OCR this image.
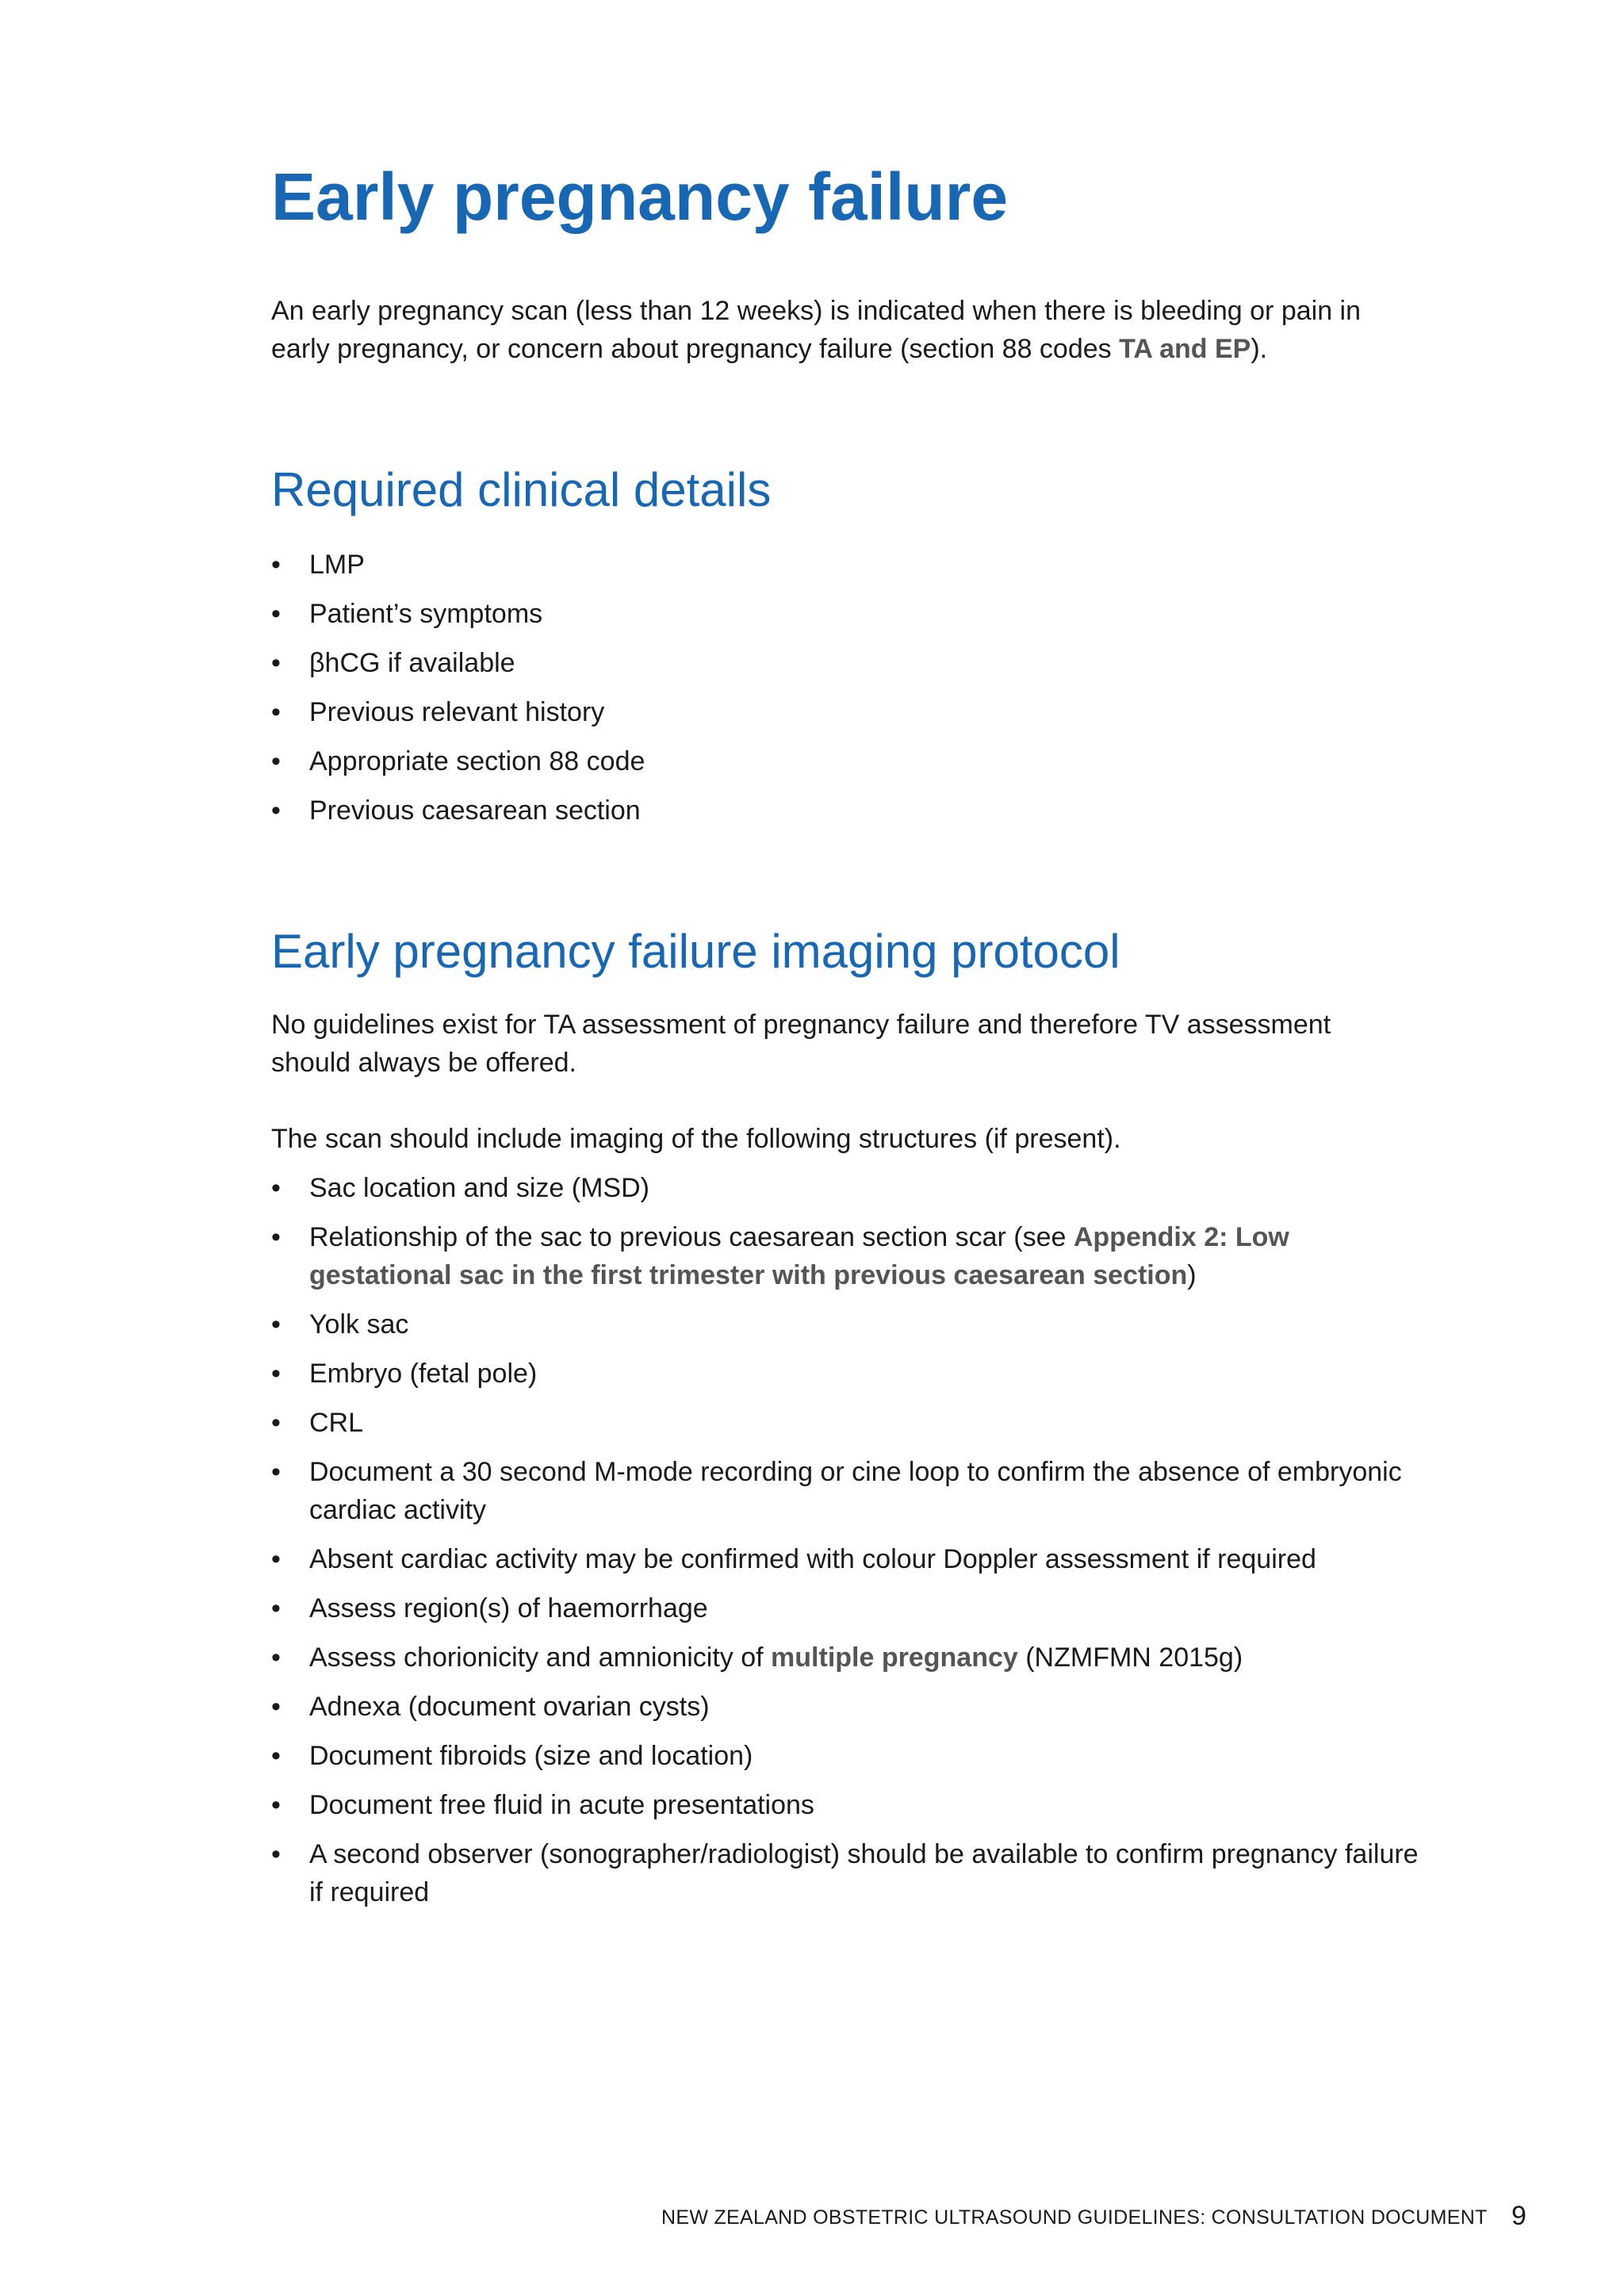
Early pregnancy failure

An early pregnancy scan (less than 12 weeks) is indicated when there is bleeding or pain in early pregnancy, or concern about pregnancy failure (section 88 codes TA and EP).

Required clinical details
• LMP
• Patient’s symptoms
• βhCG if available
• Previous relevant history
• Appropriate section 88 code
• Previous caesarean section
Early pregnancy failure imaging protocol

No guidelines exist for TA assessment of pregnancy failure and therefore TV assessment should always be offered.

The scan should include imaging of the following structures (if present).

• Sac location and size (MSD)
• Relationship of the sac to previous caesarean section scar (see Appendix 2: Low gestational sac in the first trimester with previous caesarean section)
• Yolk sac
• Embryo (fetal pole)
• CRL
• Document a 30 second M-mode recording or cine loop to confirm the absence of embryonic cardiac activity
• Absent cardiac activity may be confirmed with colour Doppler assessment if required
• Assess region(s) of haemorrhage
• Assess chorionicity and amnionicity of multiple pregnancy (NZMFMN 2015g)
• Adnexa (document ovarian cysts)
• Document fibroids (size and location)
• Document free fluid in acute presentations
• A second observer (sonographer/radiologist) should be available to confirm pregnancy failure if required
NEW ZEALAND OBSTETRIC ULTRASOUND GUIDELINES: CONSULTATION DOCUMENT 9
